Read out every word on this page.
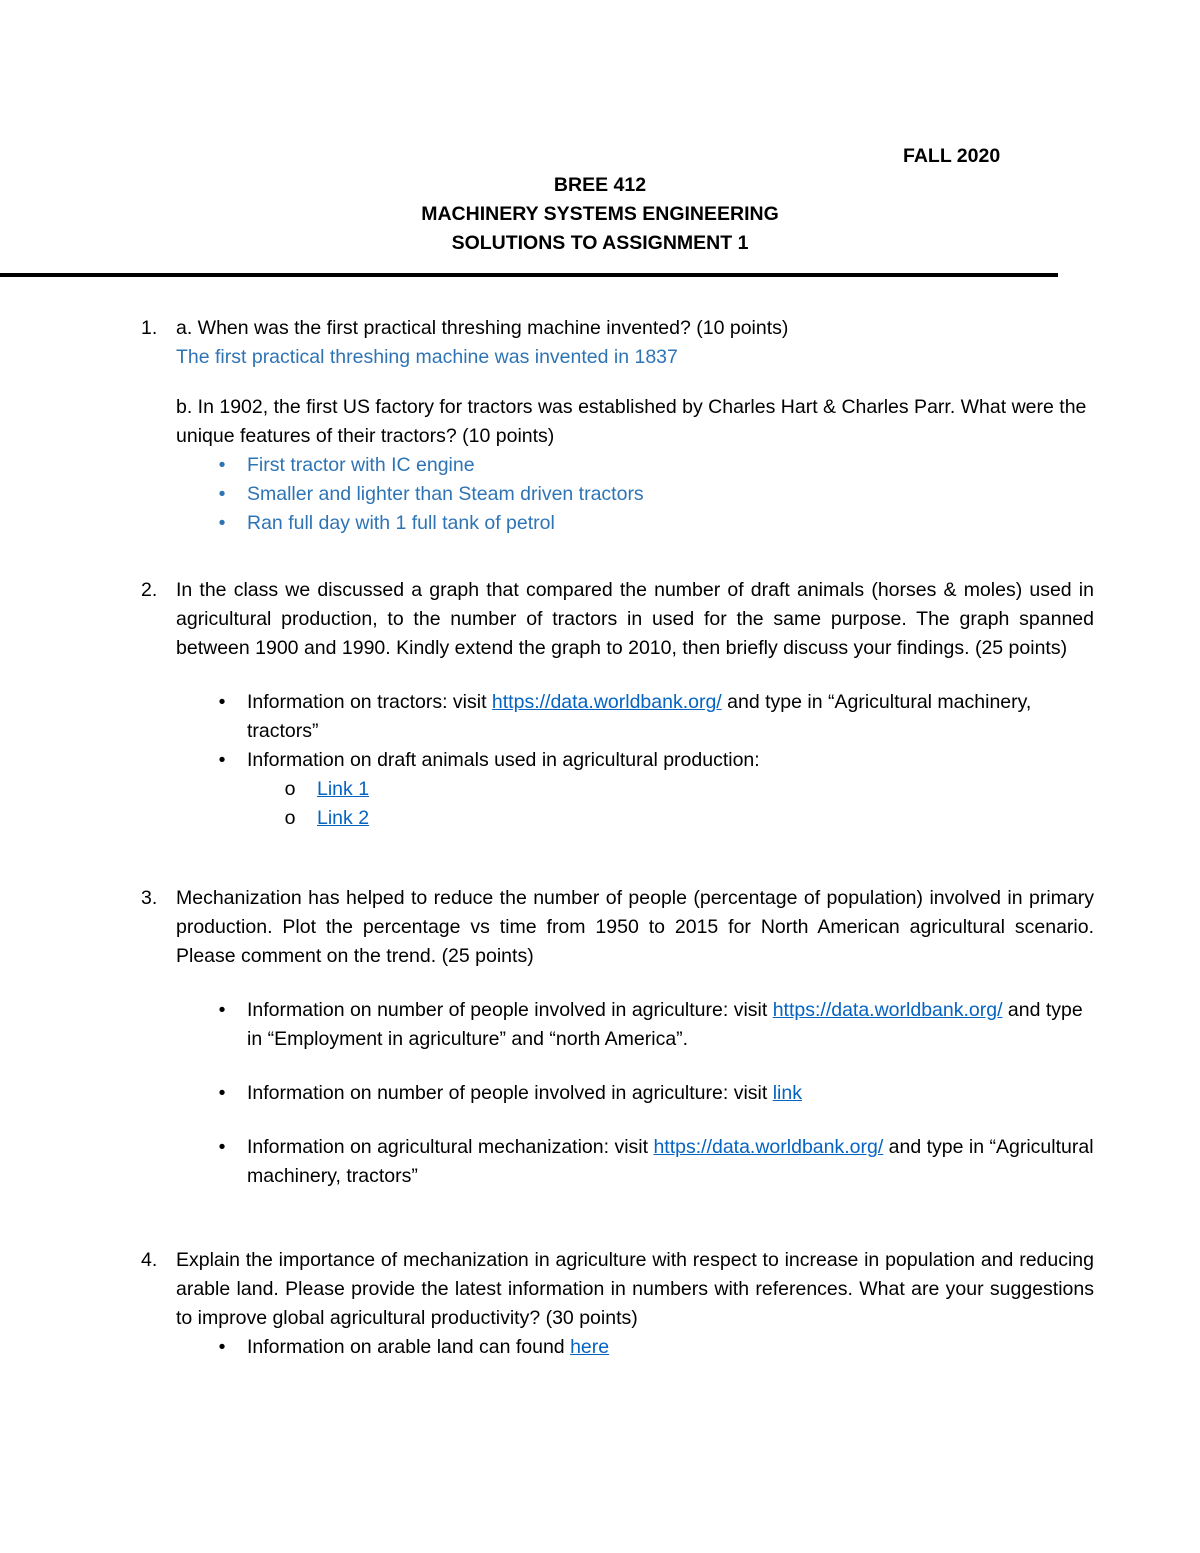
FALL 2020
BREE 412
MACHINERY SYSTEMS ENGINEERING
SOLUTIONS TO ASSIGNMENT 1
1. a. When was the first practical threshing machine invented? (10 points)

The first practical threshing machine was invented in 1837

b. In 1902, the first US factory for tractors was established by Charles Hart & Charles Parr. What were the unique features of their tractors? (10 points)

•	First tractor with IC engine
•	Smaller and lighter than Steam driven tractors
•	Ran full day with 1 full tank of petrol
2. In the class we discussed a graph that compared the number of draft animals (horses & moles) used in agricultural production, to the number of tractors in used for the same purpose. The graph spanned between 1900 and 1990. Kindly extend the graph to 2010, then briefly discuss your findings. (25 points)

•	Information on tractors: visit https://data.worldbank.org/ and type in “Agricultural machinery, tractors”
•	Information on draft animals used in agricultural production:
o Link 1
o Link 2
3. Mechanization has helped to reduce the number of people (percentage of population) involved in primary production. Plot the percentage vs time from 1950 to 2015 for North American agricultural scenario. Please comment on the trend. (25 points)

•	Information on number of people involved in agriculture: visit https://data.worldbank.org/ and type in “Employment in agriculture” and “north America”.
•	Information on number of people involved in agriculture: visit link
•	Information on agricultural mechanization: visit https://data.worldbank.org/ and type in “Agricultural machinery, tractors”
4. Explain the importance of mechanization in agriculture with respect to increase in population and reducing arable land. Please provide the latest information in numbers with references. What are your suggestions to improve global agricultural productivity? (30 points)

•	Information on arable land can found here
